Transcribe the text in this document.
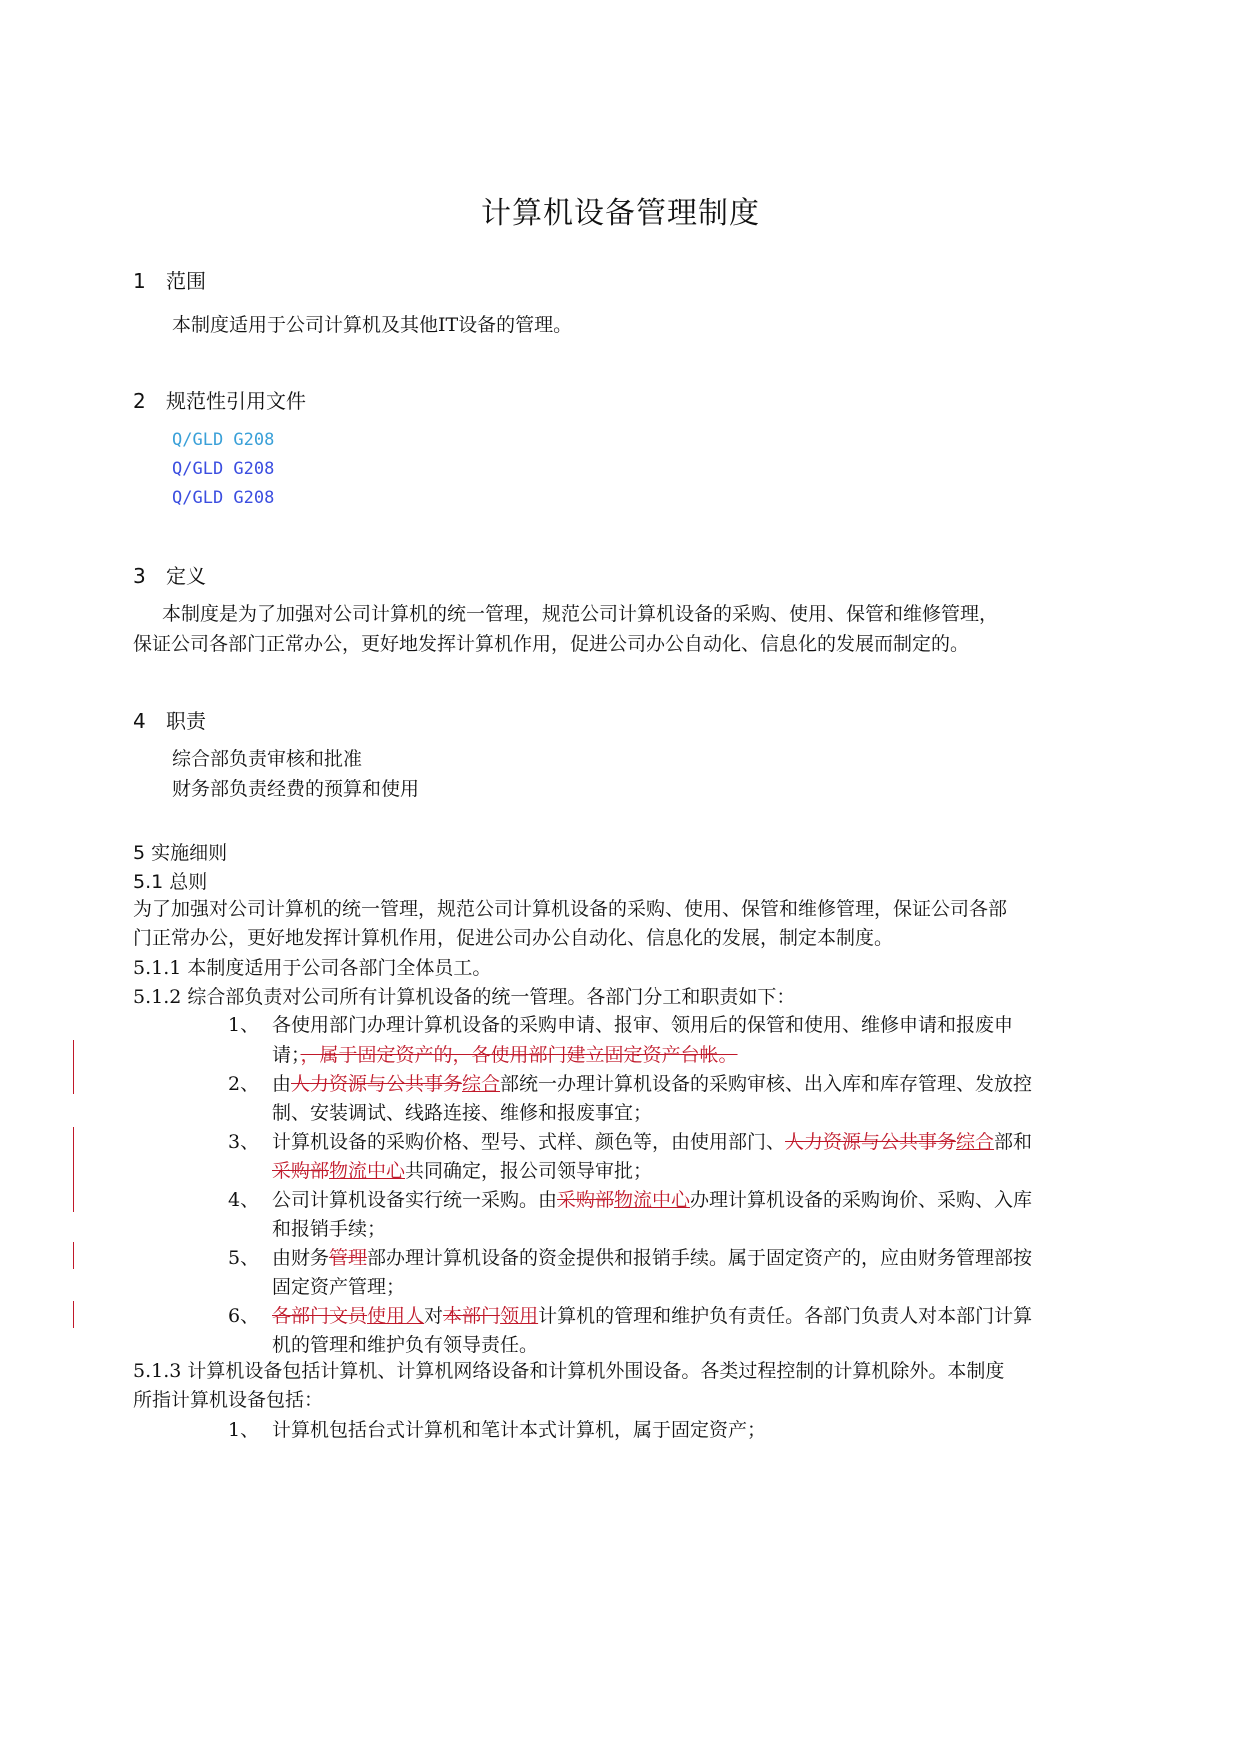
计算机设备管理制度
1 范围
本制度适用于公司计算机及其他IT设备的管理。
2 规范性引用文件
Q/GLD G208
Q/GLD G208
Q/GLD G208
3 定义
本制度是为了加强对公司计算机的统一管理，规范公司计算机设备的采购、使用、保管和维修管理，
保证公司各部门正常办公，更好地发挥计算机作用，促进公司办公自动化、信息化的发展而制定的。
4 职责
综合部负责审核和批准
财务部负责经费的预算和使用
5 实施细则
5.1 总则
为了加强对公司计算机的统一管理，规范公司计算机设备的采购、使用、保管和维修管理，保证公司各部
门正常办公，更好地发挥计算机作用，促进公司办公自动化、信息化的发展，制定本制度。
5.1.1 本制度适用于公司各部门全体员工。
5.1.2 综合部负责对公司所有计算机设备的统一管理。各部门分工和职责如下：
1、 各使用部门办理计算机设备的采购申请、报审、领用后的保管和使用、维修申请和报废申
请；，属于固定资产的，各使用部门建立固定资产台帐。
2、 由人力资源与公共事务综合部统一办理计算机设备的采购审核、出入库和库存管理、发放控
制、安装调试、线路连接、维修和报废事宜；
3、 计算机设备的采购价格、型号、式样、颜色等，由使用部门、人力资源与公共事务综合部和
采购部物流中心共同确定，报公司领导审批；
4、 公司计算机设备实行统一采购。由采购部物流中心办理计算机设备的采购询价、采购、入库
和报销手续；
5、 由财务管理部办理计算机设备的资金提供和报销手续。属于固定资产的，应由财务管理部按
固定资产管理；
6、 各部门文员使用人对本部门领用计算机的管理和维护负有责任。各部门负责人对本部门计算
机的管理和维护负有领导责任。
5.1.3 计算机设备包括计算机、计算机网络设备和计算机外围设备。各类过程控制的计算机除外。本制度
所指计算机设备包括：
1、 计算机包括台式计算机和笔计本式计算机，属于固定资产；
